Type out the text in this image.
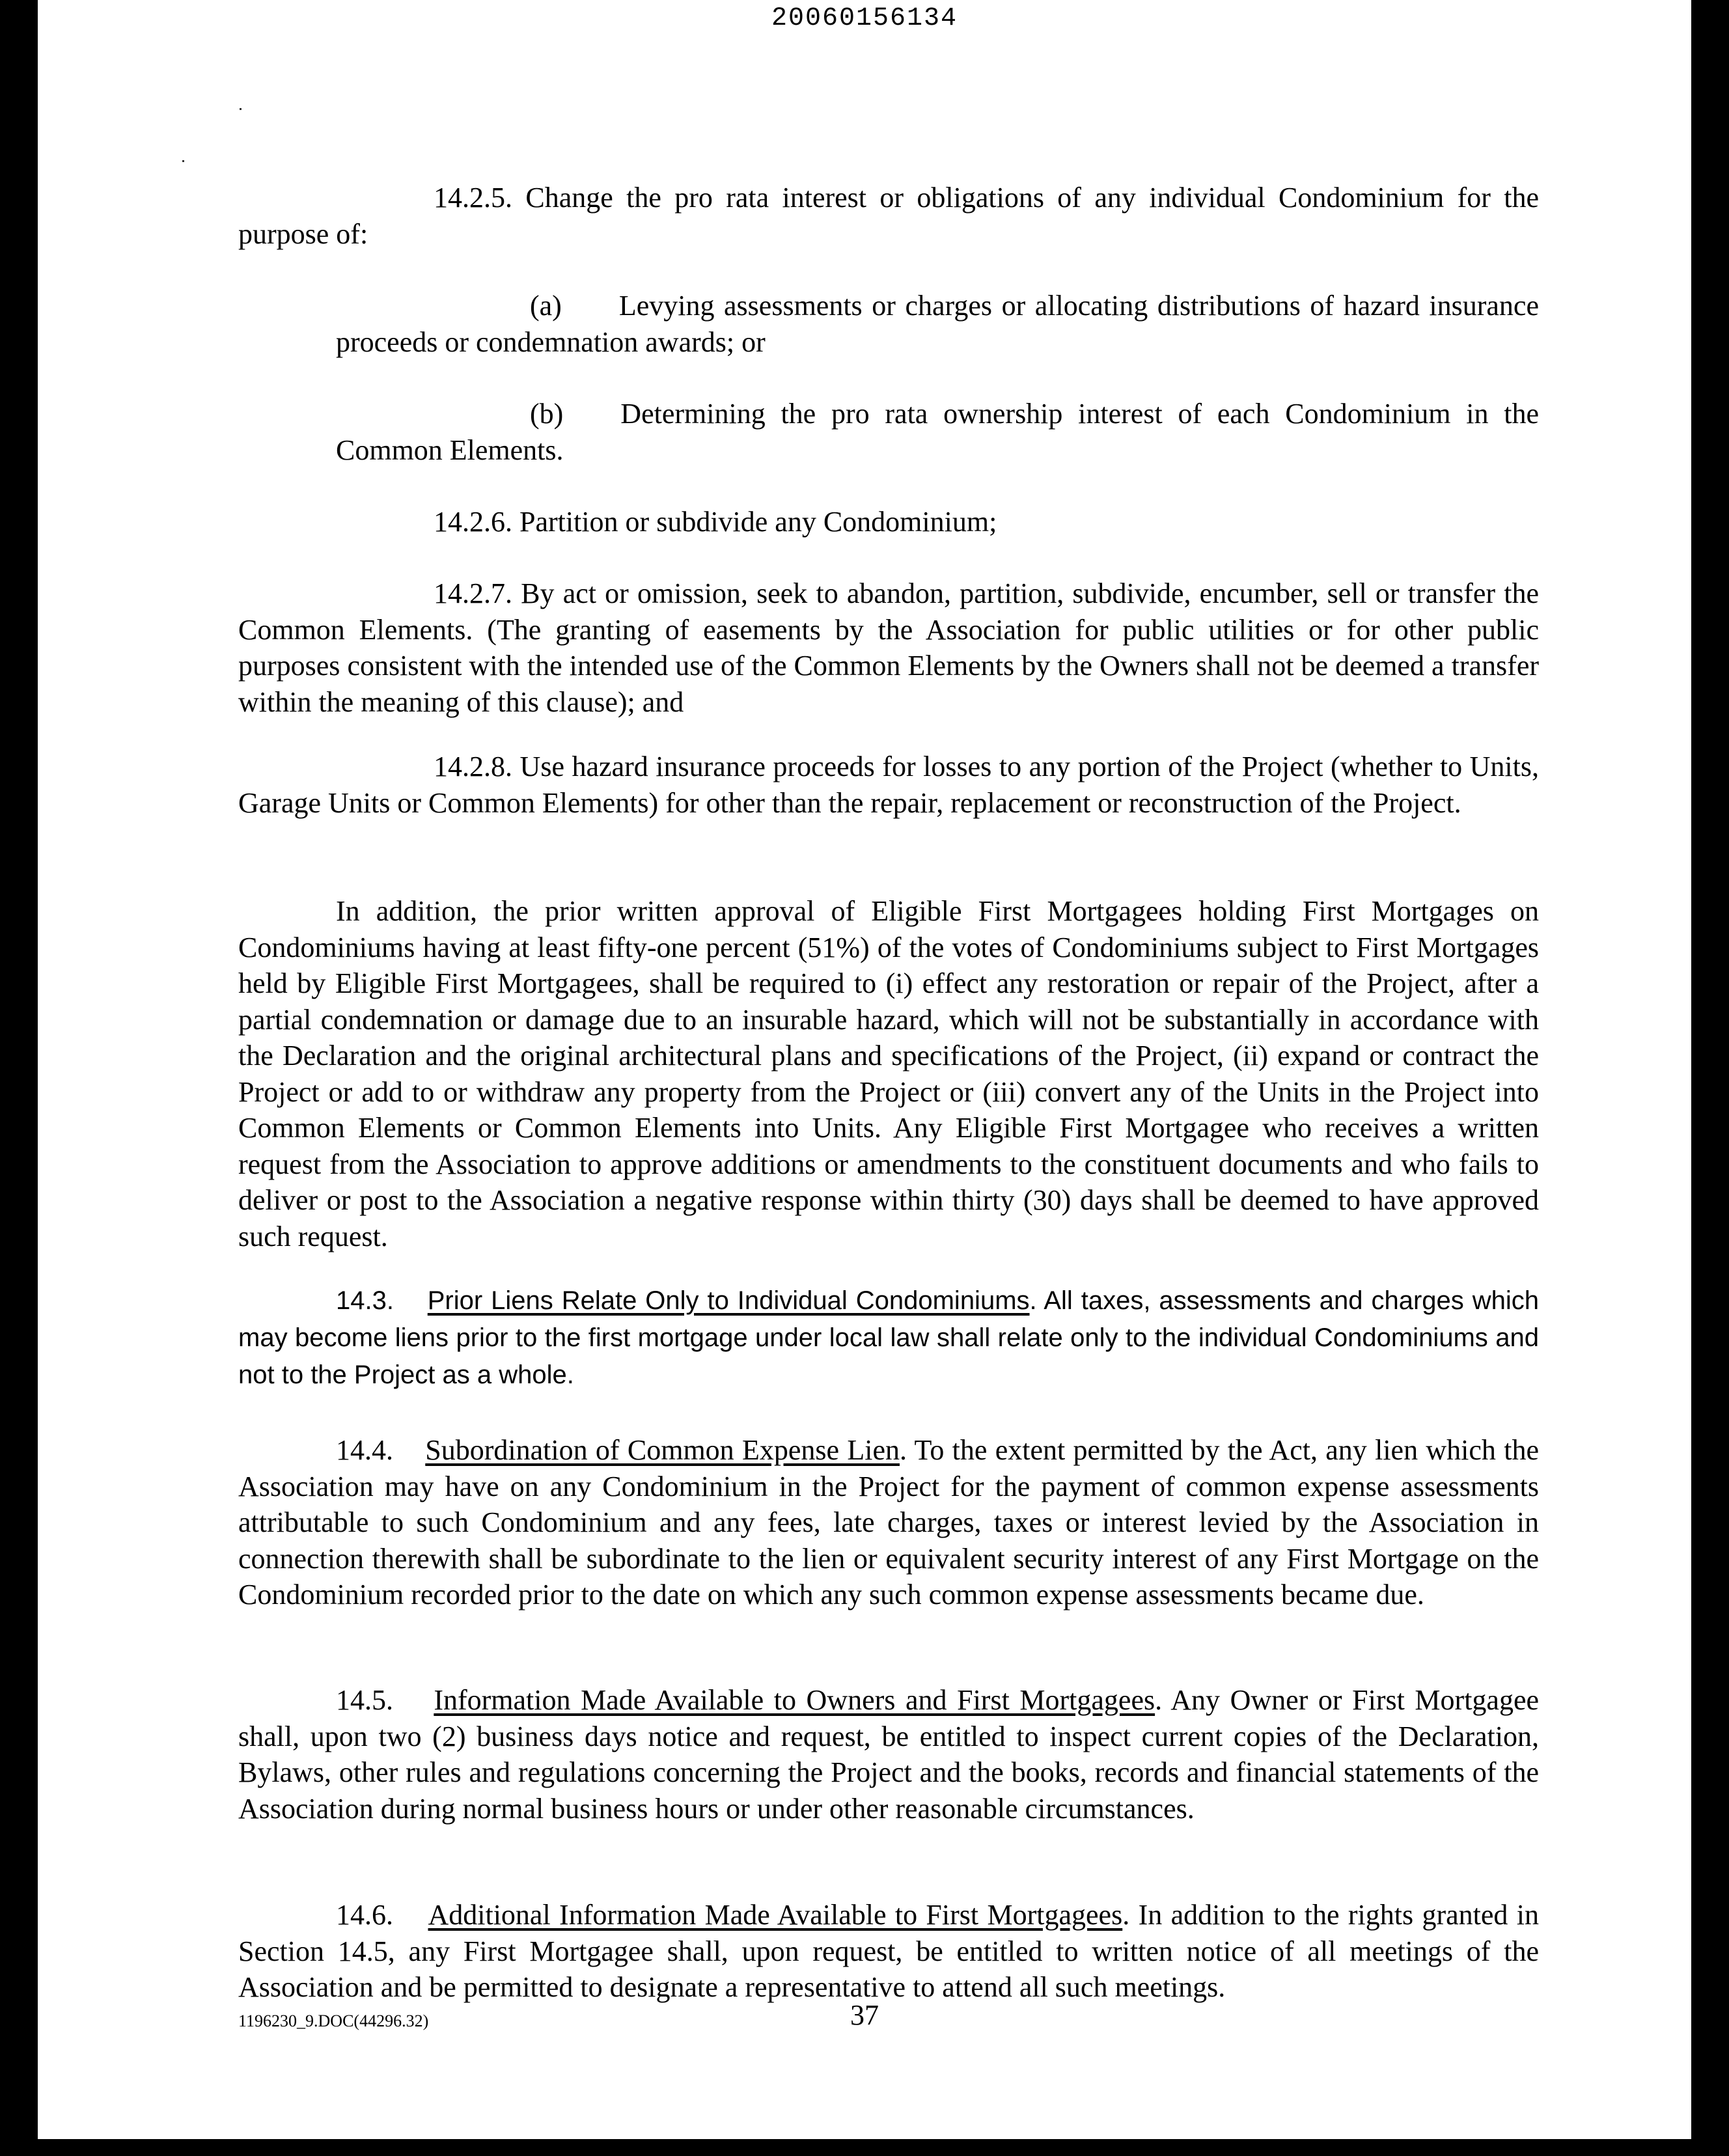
20060156134
14.2.5. Change the pro rata interest or obligations of any individual Condominium for the purpose of:
(a)  Levying assessments or charges or allocating distributions of hazard insurance proceeds or condemnation awards; or
(b)  Determining the pro rata ownership interest of each Condominium in the Common Elements.
14.2.6. Partition or subdivide any Condominium;
14.2.7. By act or omission, seek to abandon, partition, subdivide, encumber, sell or transfer the Common Elements. (The granting of easements by the Association for public utilities or for other public purposes consistent with the intended use of the Common Elements by the Owners shall not be deemed a transfer within the meaning of this clause); and
14.2.8. Use hazard insurance proceeds for losses to any portion of the Project (whether to Units, Garage Units or Common Elements) for other than the repair, replacement or reconstruction of the Project.
In addition, the prior written approval of Eligible First Mortgagees holding First Mortgages on Condominiums having at least fifty-one percent (51%) of the votes of Condominiums subject to First Mortgages held by Eligible First Mortgagees, shall be required to (i) effect any restoration or repair of the Project, after a partial condemnation or damage due to an insurable hazard, which will not be substantially in accordance with the Declaration and the original architectural plans and specifications of the Project, (ii) expand or contract the Project or add to or withdraw any property from the Project or (iii) convert any of the Units in the Project into Common Elements or Common Elements into Units. Any Eligible First Mortgagee who receives a written request from the Association to approve additions or amendments to the constituent documents and who fails to deliver or post to the Association a negative response within thirty (30) days shall be deemed to have approved such request.
14.3. Prior Liens Relate Only to Individual Condominiums. All taxes, assessments and charges which may become liens prior to the first mortgage under local law shall relate only to the individual Condominiums and not to the Project as a whole.
14.4. Subordination of Common Expense Lien. To the extent permitted by the Act, any lien which the Association may have on any Condominium in the Project for the payment of common expense assessments attributable to such Condominium and any fees, late charges, taxes or interest levied by the Association in connection therewith shall be subordinate to the lien or equivalent security interest of any First Mortgage on the Condominium recorded prior to the date on which any such common expense assessments became due.
14.5. Information Made Available to Owners and First Mortgagees. Any Owner or First Mortgagee shall, upon two (2) business days notice and request, be entitled to inspect current copies of the Declaration, Bylaws, other rules and regulations concerning the Project and the books, records and financial statements of the Association during normal business hours or under other reasonable circumstances.
14.6. Additional Information Made Available to First Mortgagees. In addition to the rights granted in Section 14.5, any First Mortgagee shall, upon request, be entitled to written notice of all meetings of the Association and be permitted to designate a representative to attend all such meetings.
1196230_9.DOC(44296.32)	37
